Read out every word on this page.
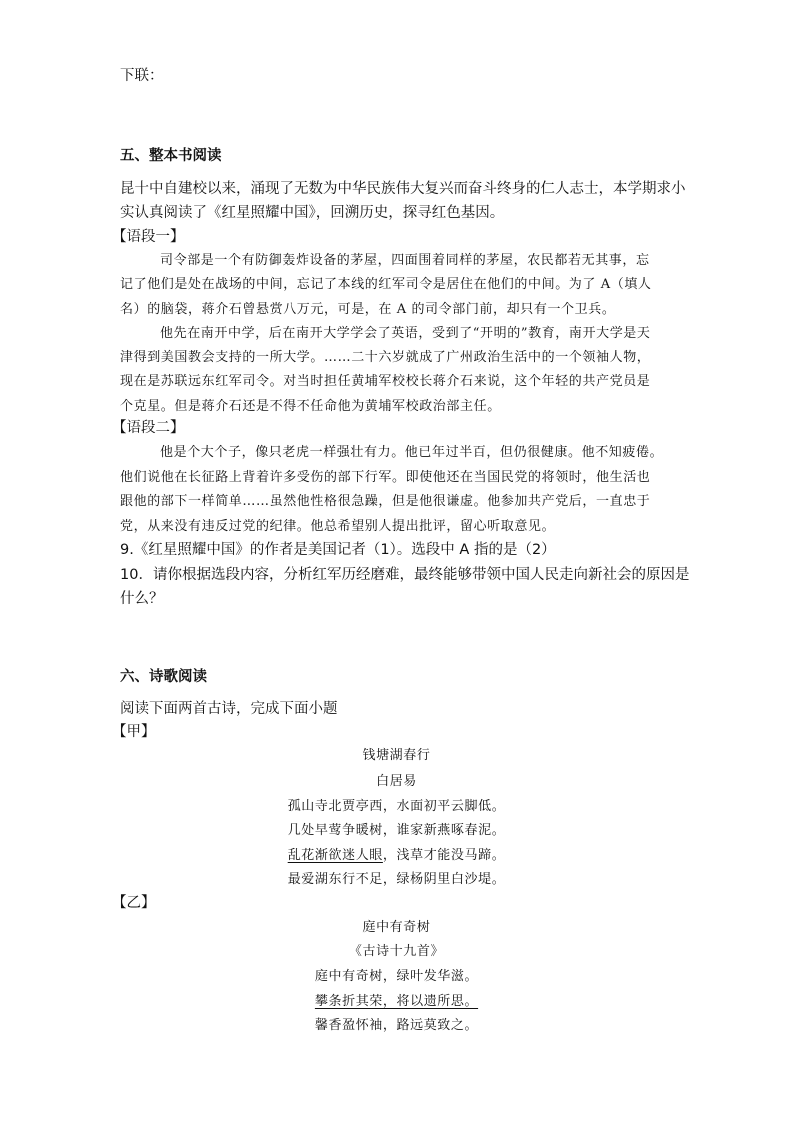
下联：
五、整本书阅读
昆十中自建校以来，涌现了无数为中华民族伟大复兴而奋斗终身的仁人志士，本学期求小
实认真阅读了《红星照耀中国》，回溯历史，探寻红色基因。
【语段一】
司令部是一个有防御轰炸设备的茅屋，四面围着同样的茅屋，农民都若无其事，忘
记了他们是处在战场的中间，忘记了本线的红军司令是居住在他们的中间。为了 A（填人
名）的脑袋，蒋介石曾悬赏八万元，可是，在 A 的司令部门前，却只有一个卫兵。
他先在南开中学，后在南开大学学会了英语，受到了“开明的”教育，南开大学是天
津得到美国教会支持的一所大学。……二十六岁就成了广州政治生活中的一个领袖人物，
现在是苏联远东红军司令。对当时担任黄埔军校校长蒋介石来说，这个年轻的共产党员是
个克星。但是蒋介石还是不得不任命他为黄埔军校政治部主任。
【语段二】
他是个大个子，像只老虎一样强壮有力。他已年过半百，但仍很健康。他不知疲倦。
他们说他在长征路上背着许多受伤的部下行军。即使他还在当国民党的将领时，他生活也
跟他的部下一样简单……虽然他性格很急躁，但是他很谦虚。他参加共产党后，一直忠于
党，从来没有违反过党的纪律。他总希望别人提出批评，留心听取意见。
9.《红星照耀中国》的作者是美国记者（1）。选段中 A 指的是（2）
10．请你根据选段内容，分析红军历经磨难，最终能够带领中国人民走向新社会的原因是
什么？
六、诗歌阅读
阅读下面两首古诗，完成下面小题
【甲】
钱塘湖春行
白居易
孤山寺北贾亭西，水面初平云脚低。
几处早莺争暖树，谁家新燕啄春泥。
乱花渐欲迷人眼，浅草才能没马蹄。
最爱湖东行不足，绿杨阴里白沙堤。
【乙】
庭中有奇树
《古诗十九首》
庭中有奇树，绿叶发华滋。
攀条折其荣，将以遗所思。
馨香盈怀袖，路远莫致之。
